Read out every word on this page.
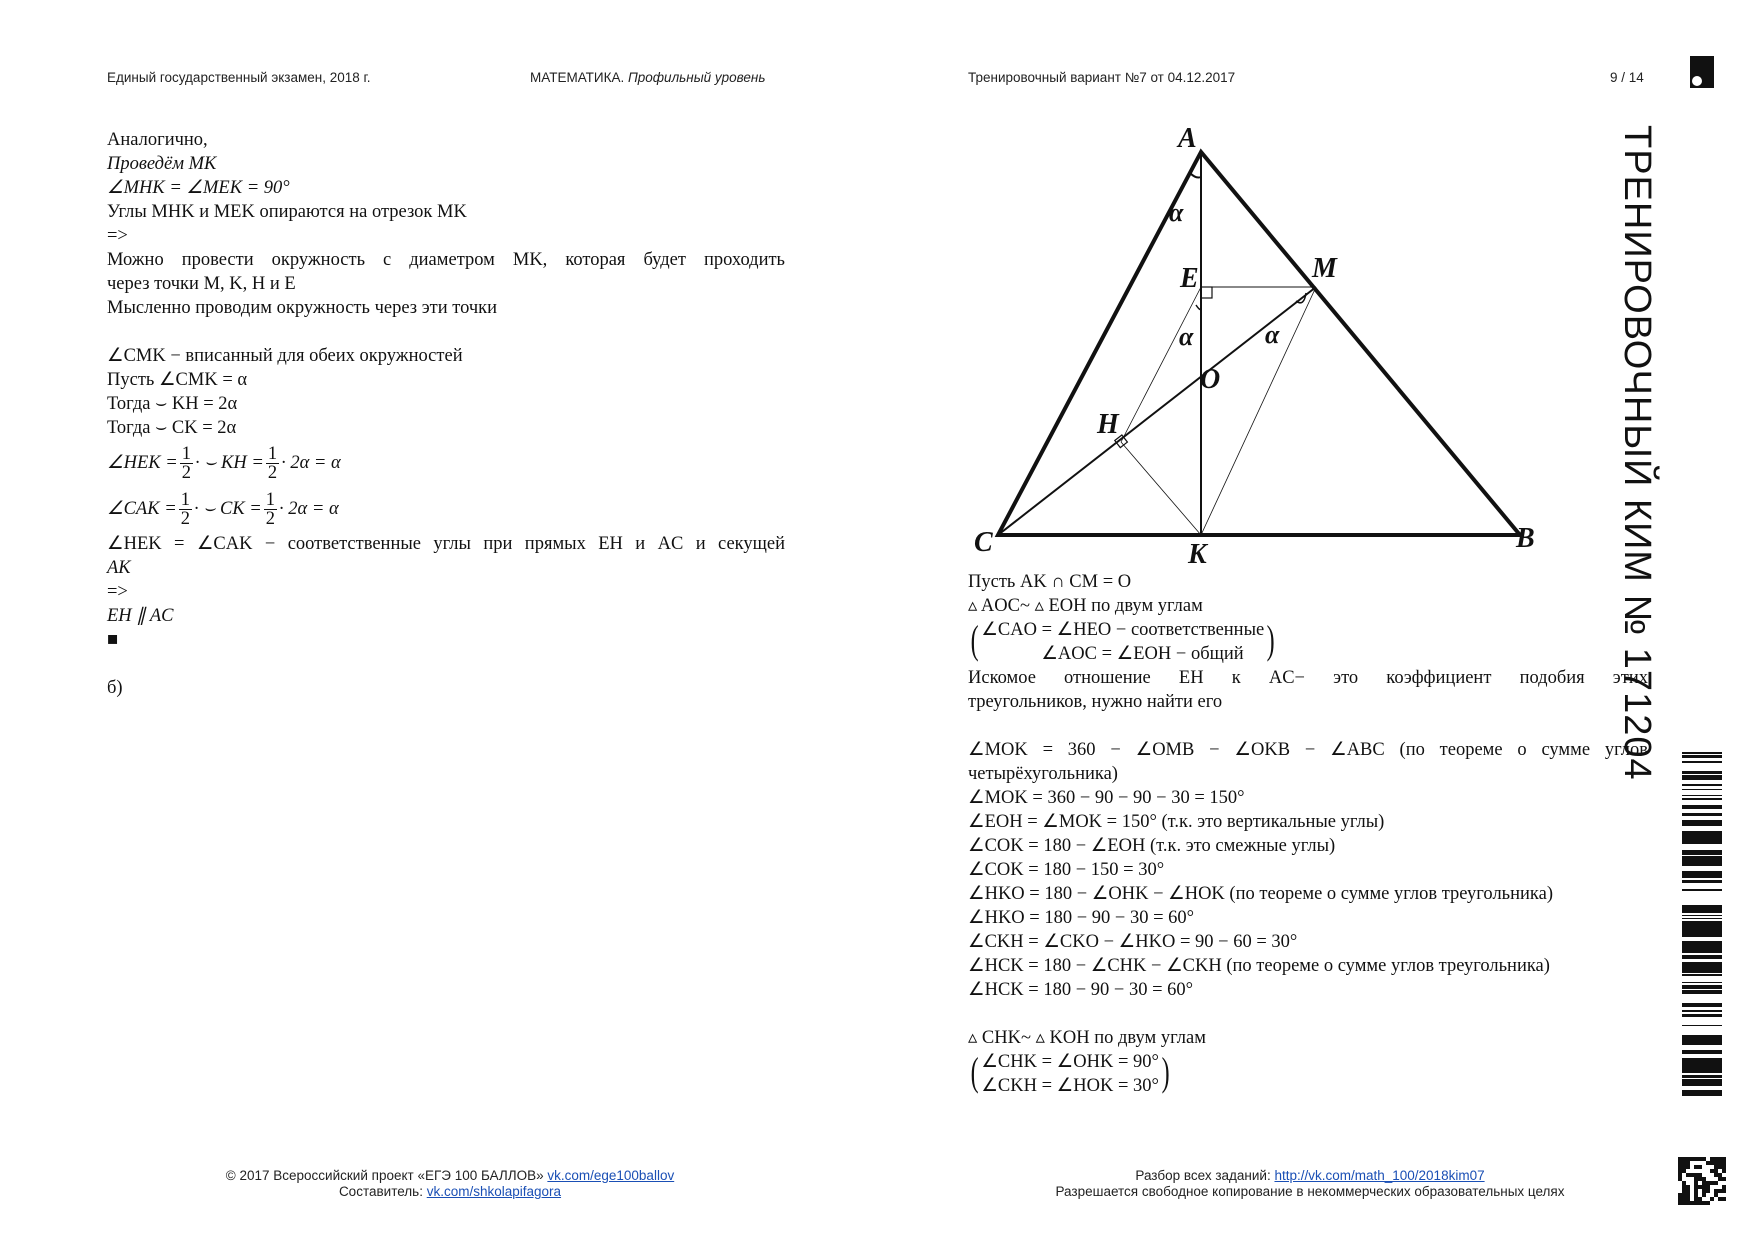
Единый государственный экзамен, 2018 г.	МАТЕМАТИКА. Профильный уровень	Тренировочный вариант №7 от 04.12.2017	9 / 14
ТРЕНИРОВОЧНЫЙ КИМ № 171204
Аналогично,
Проведём MK
∠MHK = ∠MEK = 90°
Углы MHK и MEK опираются на отрезок MK
=>
Можно провести окружность с диаметром MK, которая будет проходить
через точки M, K, H и E
Мысленно проводим окружность через эти точки
∠CMK − вписанный для обеих окружностей
Пусть ∠CMK = α
Тогда ⌣ KH = 2α
Тогда ⌣ CK = 2α
∠HEK = $\frac{1}{2}$ · ⌣ KH = $\frac{1}{2} \cdot 2\alpha = \alpha$
∠CAK = $\frac{1}{2}$ · ⌣ CK = $\frac{1}{2} \cdot 2\alpha = \alpha$
∠HEK = ∠CAK − соответственные углы при прямых EH и AC и секущей
AK
=>
EH ∥ AC
■
б)
α
α	α
A
B
C	K
M
E
O
H
Пусть AK ∩ CM = O
▵ AOC~ ▵ EOH по двум углам
( ∠CAO = ∠HEO − соответственные
∠AOC = ∠EOH − общий )
Искомое отношение EH к AC− это коэффициент подобия этих
треугольников, нужно найти его
∠MOK = 360 − ∠OMB − ∠OKB − ∠ABC (по теореме о сумме углов
четырёхугольника)
∠MOK = 360 − 90 − 90 − 30 = 150°
∠EOH = ∠MOK = 150° (т.к. это вертикальные углы)
∠COK = 180 − ∠EOH (т.к. это смежные углы)
∠COK = 180 − 150 = 30°
∠HKO = 180 − ∠OHK − ∠HOK (по теореме о сумме углов треугольника)
∠HKO = 180 − 90 − 30 = 60°
∠CKH = ∠CKO − ∠HKO = 90 − 60 = 30°
∠HCK = 180 − ∠CHK − ∠CKH (по теореме о сумме углов треугольника)
∠HCK = 180 − 90 − 30 = 60°
▵ CHK~ ▵ KOH по двум углам
( ∠CHK = ∠OHK = 90°
∠CKH = ∠HOK = 30° )
© 2017 Всероссийский проект «ЕГЭ 100 БАЛЛОВ» vk.com/ege100ballov
Составитель: vk.com/shkolapifagora
Разбор всех заданий: http://vk.com/math_100/2018kim07
Разрешается свободное копирование в некоммерческих образовательных целях
